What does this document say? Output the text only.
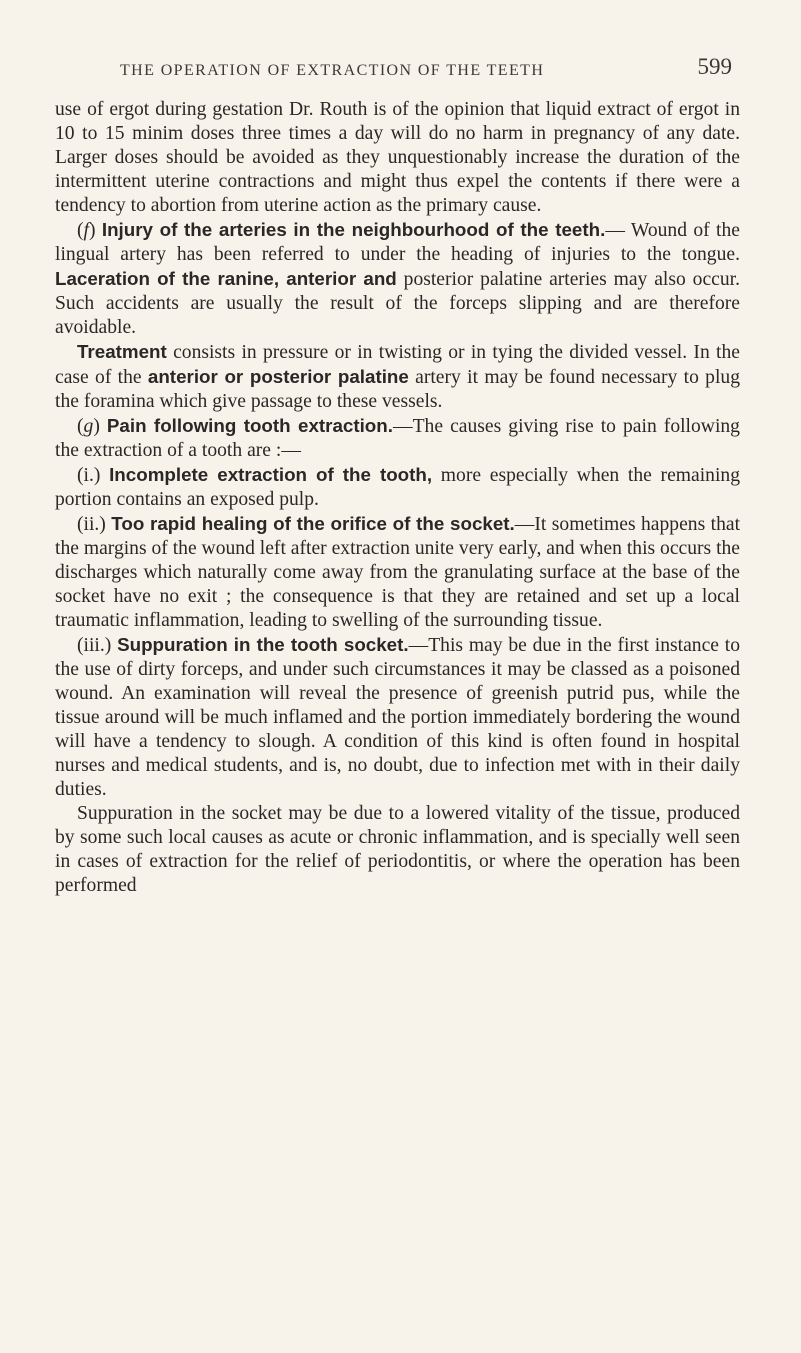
THE OPERATION OF EXTRACTION OF THE TEETH	599

use of ergot during gestation Dr. Routh is of the opinion that liquid extract of ergot in 10 to 15 minim doses three times a day will do no harm in pregnancy of any date. Larger doses should be avoided as they unquestionably increase the duration of the intermittent uterine contractions and might thus expel the contents if there were a tendency to abortion from uterine action as the primary cause.

(f) Injury of the arteries in the neighbourhood of the teeth.— Wound of the lingual artery has been referred to under the heading of injuries to the tongue. Laceration of the ranine, anterior and posterior palatine arteries may also occur. Such accidents are usually the result of the forceps slipping and are therefore avoidable.

Treatment consists in pressure or in twisting or in tying the divided vessel. In the case of the anterior or posterior palatine artery it may be found necessary to plug the foramina which give passage to these vessels.

(g) Pain following tooth extraction.—The causes giving rise to pain following the extraction of a tooth are :—

(i.) Incomplete extraction of the tooth, more especially when the remaining portion contains an exposed pulp.

(ii.) Too rapid healing of the orifice of the socket.—It sometimes happens that the margins of the wound left after extraction unite very early, and when this occurs the discharges which naturally come away from the granulating surface at the base of the socket have no exit ; the consequence is that they are retained and set up a local traumatic inflammation, leading to swelling of the surrounding tissue.

(iii.) Suppuration in the tooth socket.—This may be due in the first instance to the use of dirty forceps, and under such circumstances it may be classed as a poisoned wound. An examination will reveal the presence of greenish putrid pus, while the tissue around will be much inflamed and the portion immediately bordering the wound will have a tendency to slough. A condition of this kind is often found in hospital nurses and medical students, and is, no doubt, due to infection met with in their daily duties.

Suppuration in the socket may be due to a lowered vitality of the tissue, produced by some such local causes as acute or chronic inflammation, and is specially well seen in cases of extraction for the relief of periodontitis, or where the operation has been performed
